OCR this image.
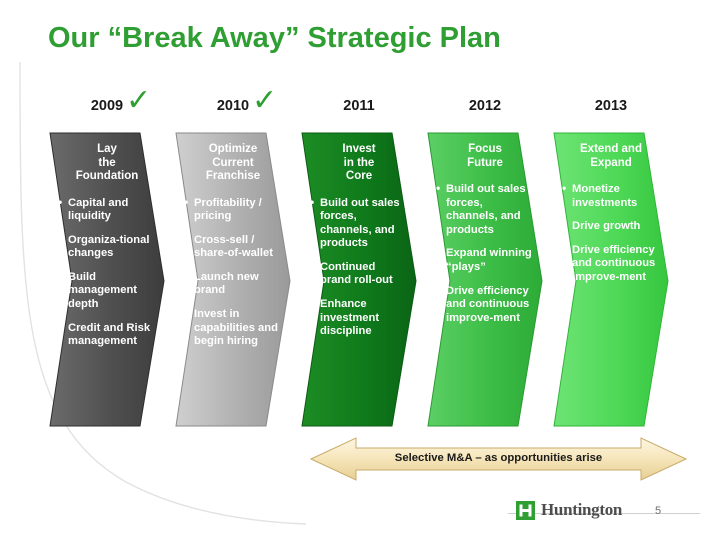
Our “Break Away” Strategic Plan
2009 ✓
Lay
the
Foundation
• Capital and liquidity
• Organiza-tional changes
• Build management depth
• Credit and Risk management
2010 ✓
Optimize
Current
Franchise
• Profitability / pricing
• Cross-sell / share-of-wallet
• Launch new brand
• Invest in capabilities and begin hiring
2011
Invest
in the
Core
• Build out sales forces, channels, and products
• Continued brand roll-out
• Enhance investment discipline
2012
Focus
Future
• Build out sales forces, channels, and products
• Expand winning “plays”
• Drive efficiency and continuous improve-ment
2013
Extend and
Expand
• Monetize investments
• Drive growth
• Drive efficiency and continuous improve-ment
Selective M&A – as opportunities arise
Huntington	5
